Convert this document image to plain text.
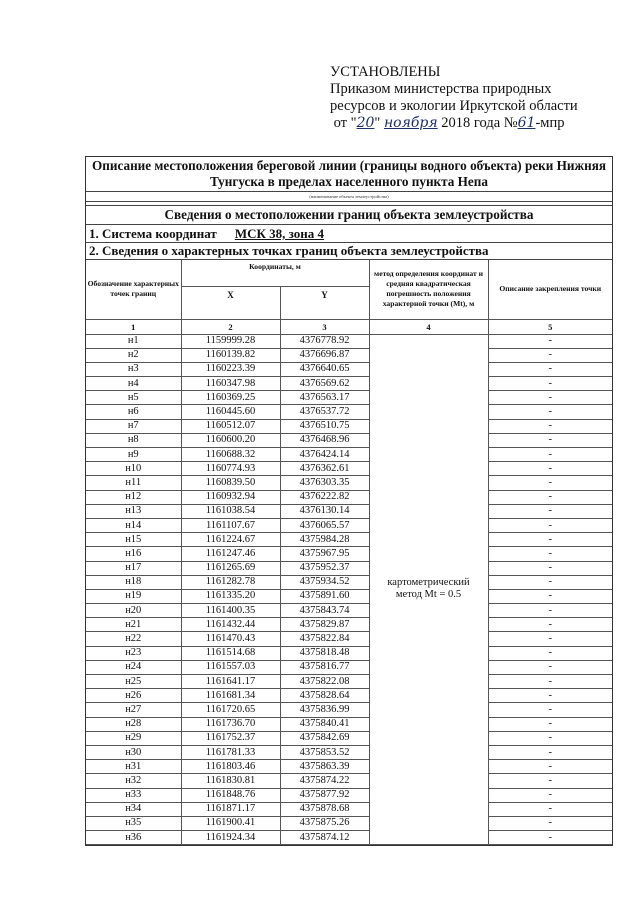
УСТАНОВЛЕНЫ
Приказом министерства природных
ресурсов и экологии Иркутской области
от "20" ноября 2018 года №61-мпр
Описание местоположения береговой линии (границы водного объекта) реки Нижняя Тунгуска в пределах населенного пункта Непа
(наименование объекта землеустройства)
Сведения о местоположении границ объекта землеустройства
1. Система координат МСК 38, зона 4
2. Сведения о характерных точках границ объекта землеустройства
Обозначение характерных точек границ	Координаты, м		метод определения координат и средняя квадратическая погрешность положения характерной точки (Mt), м	Описание закрепления точки
	X	Y		
1	2	3	4	5
н1	1159999.28	4376778.92	картометрический метод Mt = 0.5	-
н2	1160139.82	4376696.87		-
н3	1160223.39	4376640.65		-
н4	1160347.98	4376569.62		-
н5	1160369.25	4376563.17		-
н6	1160445.60	4376537.72		-
н7	1160512.07	4376510.75		-
н8	1160600.20	4376468.96		-
н9	1160688.32	4376424.14		-
н10	1160774.93	4376362.61		-
н11	1160839.50	4376303.35		-
н12	1160932.94	4376222.82		-
н13	1161038.54	4376130.14		-
н14	1161107.67	4376065.57		-
н15	1161224.67	4375984.28		-
н16	1161247.46	4375967.95		-
н17	1161265.69	4375952.37		-
н18	1161282.78	4375934.52		-
н19	1161335.20	4375891.60		-
н20	1161400.35	4375843.74		-
н21	1161432.44	4375829.87		-
н22	1161470.43	4375822.84		-
н23	1161514.68	4375818.48		-
н24	1161557.03	4375816.77		-
н25	1161641.17	4375822.08		-
н26	1161681.34	4375828.64		-
н27	1161720.65	4375836.99		-
н28	1161736.70	4375840.41		-
н29	1161752.37	4375842.69		-
н30	1161781.33	4375853.52		-
н31	1161803.46	4375863.39		-
н32	1161830.81	4375874.22		-
н33	1161848.76	4375877.92		-
н34	1161871.17	4375878.68		-
н35	1161900.41	4375875.26		-
н36	1161924.34	4375874.12		-
